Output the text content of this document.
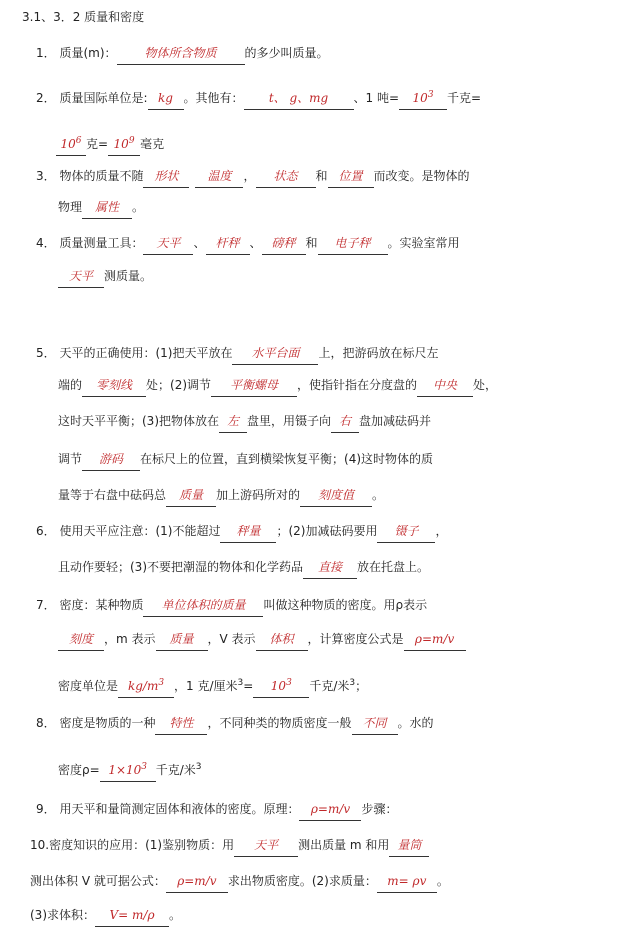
3.1、3．2 质量和密度
1． 质量(m)： 物体所含物质 的多少叫质量。
2． 质量国际单位是: kg 。其他有： t、 g、mg 、1 吨= $10^3$ 千克=
$10^6$ 克= $10^9$ 毫克
3． 物体的质量不随 形状 温度 ， 状态 和 位置 而改变。是物体的
物理 属性 。
4． 质量测量工具： 天平 、 杆秤 、 磅秤 和 电子秤 。实验室常用
天平 测质量。
5． 天平的正确使用：(1)把天平放在 水平台面 上，把游码放在标尺左
端的 零刻线 处；(2)调节 平衡螺母 ，使指针指在分度盘的 中央 处，
这时天平平衡；(3)把物体放在 左 盘里，用镊子向 右 盘加减砝码并
调节 游码 在标尺上的位置，直到横梁恢复平衡；(4)这时物体的质
量等于右盘中砝码总 质量 加上游码所对的 刻度值 。
6． 使用天平应注意：(1)不能超过 秤量 ；(2)加减砝码要用 镊子 ，
且动作要轻；(3)不要把潮湿的物体和化学药品 直接 放在托盘上。
7． 密度：某种物质 单位体积的质量 叫做这种物质的密度。用ρ表示
刻度 ，m 表示 质量 ，V 表示 体积 ，计算密度公式是 ρ=m/v
密度单位是 $kg/m^3$ ，1 克/厘米$^3= 10^3$ 千克/米$^3$；
8． 密度是物质的一种 特性 ，不同种类的物质密度一般 不同 。水的
密度$\rho= 1\times 10^3$ 千克/米$^3$
9． 用天平和量筒测定固体和液体的密度。原理： ρ=m/v 步骤：
10.密度知识的应用：(1)鉴别物质：用 天平 测出质量 m 和用 量筒
测出体积 V 就可据公式： ρ=m/v 求出物质密度。(2)求质量： m= ρv 。
(3)求体积： V= m/ρ 。
